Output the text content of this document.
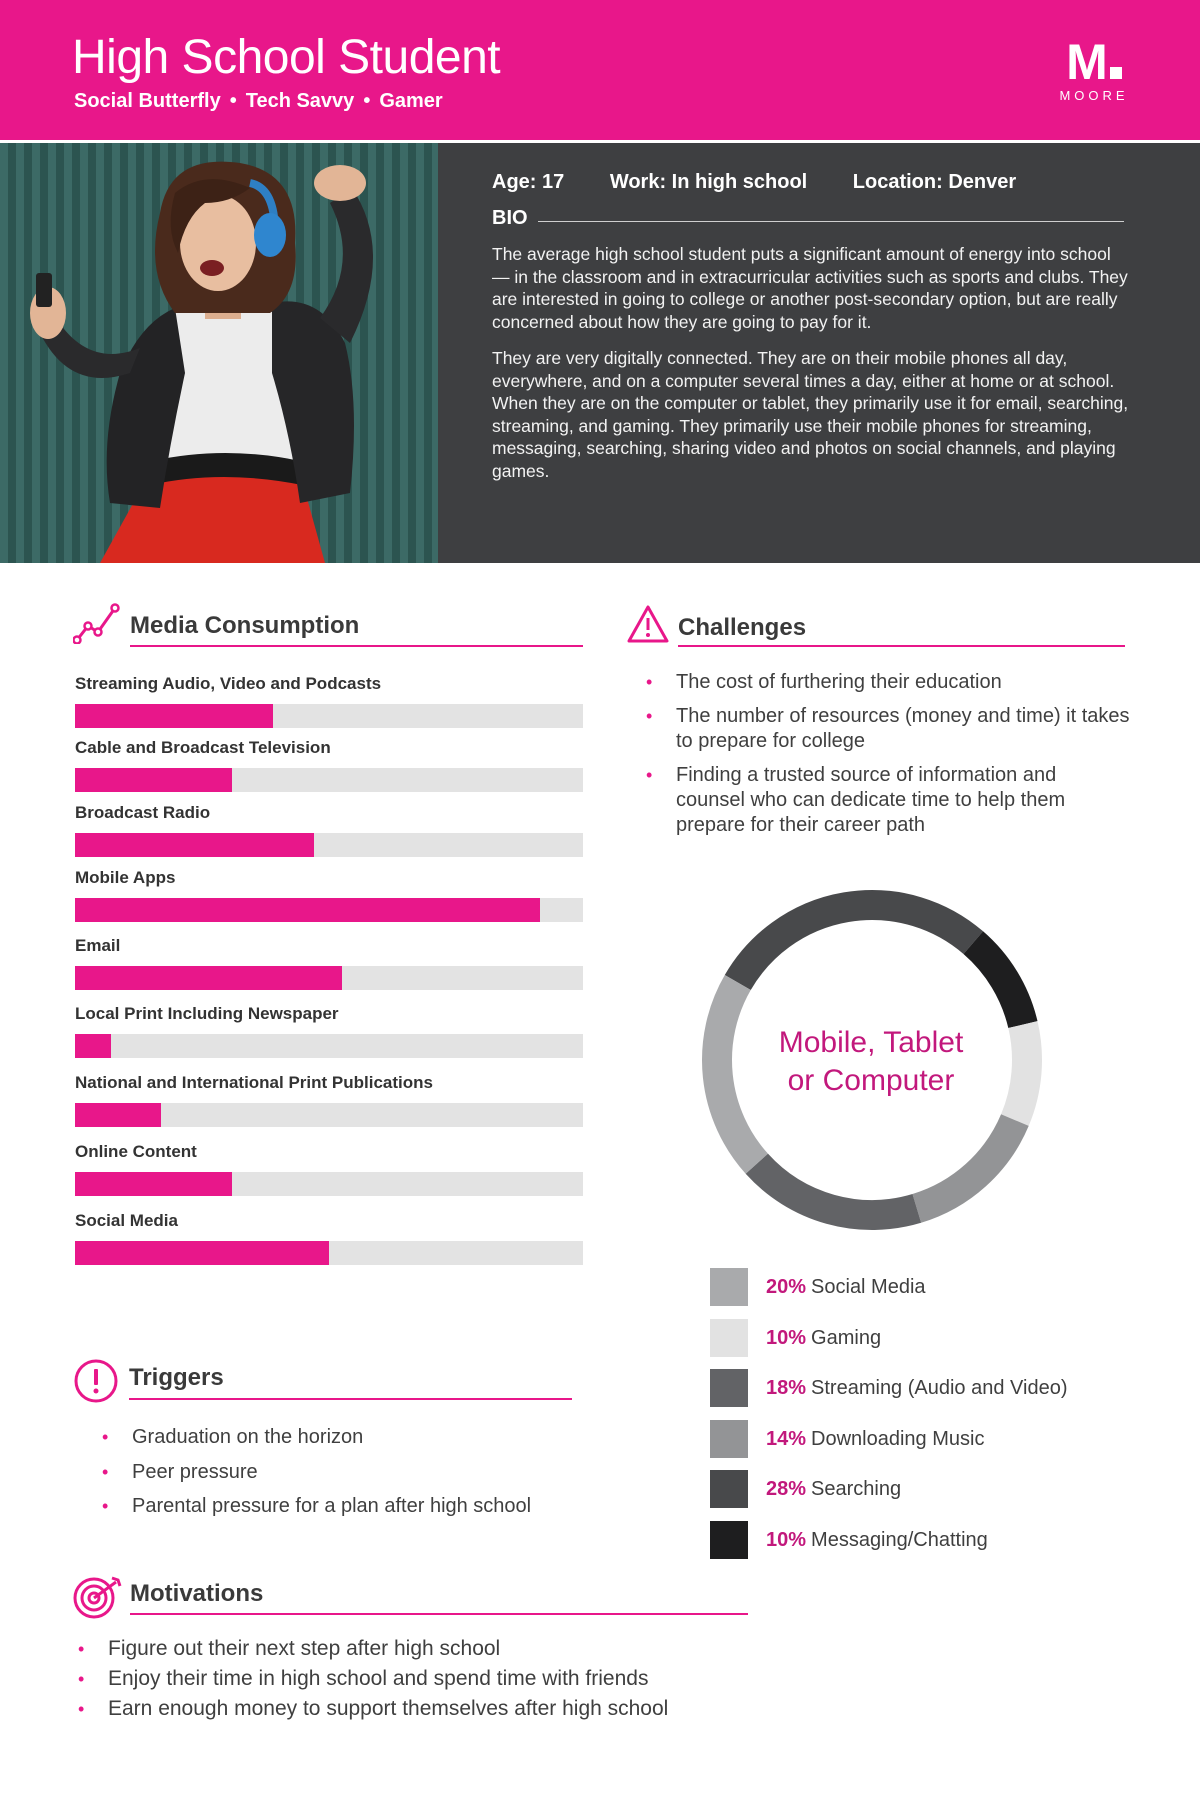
High School Student
Social Butterfly • Tech Savvy • Gamer
M
MOORE
Age: 17 Work: In high school Location: Denver
BIO

The average high school student puts a significant amount of energy into school — in the classroom and in extracurricular activities such as sports and clubs. They are interested in going to college or another post-secondary option, but are really concerned about how they are going to pay for it.

They are very digitally connected. They are on their mobile phones all day, everywhere, and on a computer several times a day, either at home or at school. When they are on the computer or tablet, they primarily use it for email, searching, streaming, and gaming. They primarily use their mobile phones for streaming, messaging, searching, sharing video and photos on social channels, and playing games.

Media Consumption
Streaming Audio, Video and Podcasts
Cable and Broadcast Television
Broadcast Radio
Mobile Apps
Email
Local Print Including Newspaper
National and International Print Publications
Online Content
Social Media
Challenges
• The cost of furthering their education
• The number of resources (money and time) it takes to prepare for college
• Finding a trusted source of information and counsel who can dedicate time to help them prepare for their career path
Mobile, Tablet
or Computer
20% Social Media
10% Gaming
18% Streaming (Audio and Video)
14% Downloading Music
28% Searching
10% Messaging/Chatting
Triggers
• Graduation on the horizon
• Peer pressure
• Parental pressure for a plan after high school
Motivations
• Figure out their next step after high school
• Enjoy their time in high school and spend time with friends
• Earn enough money to support themselves after high school
